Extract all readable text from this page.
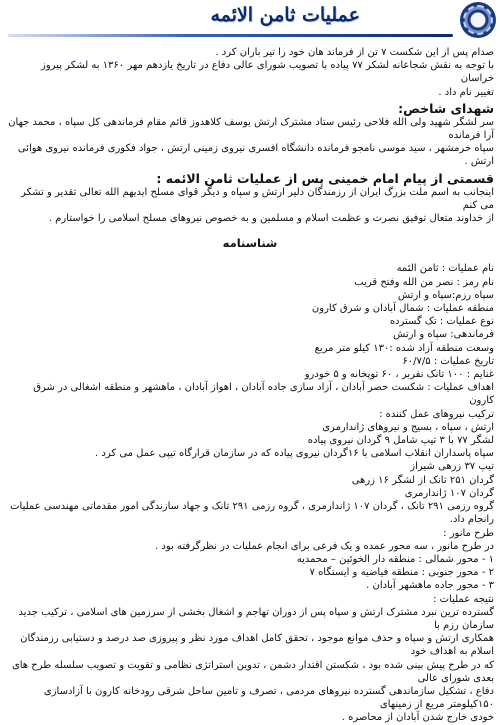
عملیات ثامن الائمه

صدام پس از این شکست ۷ تن از فرماند هان خود را تیر باران کرد .

با توجه به نقش شجاعانه لشکر ۷۷ پیاده با تصویب شورای عالی دفاع در تاریخ یازدهم مهر ۱۳۶۰ به لشکر پیروز خراسان

تغییر نام داد .

شهدای شاخص:

سر لشگر شهید ولی الله فلاحی رئیس ستاد مشترک ارتش یوسف کلاهدوز قائم مقام فرماندهی کل سپاه ، محمد جهان آرا فرمانده

سپاه خرمشهر ، سید موسی نامجو فرمانده دانشگاه افسری نیروی زمینی ارتش ، جواد فکوری فرمانده نیروی هوائی ارتش .

قسمتی از پیام امام خمینی پس از عملیات ثامن الائمه :

اینجانب به اسم ملت بزرگ ایران از رزمندگان دلیر ارتش و سپاه و دیگر قوای مسلح ایدیهم الله تعالی تقدیر و تشکر می کنم

از خداوند متعال توفیق نصرت و عظمت اسلام و مسلمین و به خصوص نیروهای مسلح اسلامی را خواستارم .

شناسنامه

نام عملیات : ثامن الئمه

نام رمز : نصر من الله وفتح قریب

سپاه رزم:سپاه و ارتش

منطقه عملیات : شمال آبادان و شرق کارون

نوع عملیات : تک گسترده

فرماندهی: سپاه و ارتش

وسعت منطقه آزاد شده :۱۳۰ کیلو متر مربع

تاریخ عملیات : ۶۰/۷/۵

غنایم : ۱۰۰ تانک نفربر ، ۶۰ توپخانه و ۵ خودرو

اهداف عملیات : شکست حصر آبادان ، آزاد سازی جاده آبادان ، اهواز آبادان ، ماهشهر و منطقه اشغالی در شرق کارون

ترکیب نیروهای عمل کننده :

ارتش ، سپاه ، بسیج و نیروهای ژاندارمری

لشگر ۷۷ با ۳ تیپ شامل ۹ گردان نیروی پیاده

سپاه پاسداران انقلاب اسلامی با ۱۶گردان نیروی پیاده که در سازمان قرارگاه تیپی عمل می کرد .

تیپ ۳۷ زرهی شیراز

گردان ۲۵۱ تانک از لشگر ۱۶ زرهی

گردان ۱۰۷ ژاندارمری

گروه رزمی ۲۹۱ تانک ، گردان ۱۰۷ ژاندارمری ، گروه رزمی ۲۹۱ تانک و جهاد سازندگی امور مقدماتی مهندسی عملیات رانجام داد.

طرح مانور :

در طرح مانور ، سه محور عمده و یک فرعی برای انجام عملیات در نظرگرفته بود .

۱ - محور شمالی : منطقه دار الخوئین – محمدیه

۲ - محور جنوبی : منطقه فیاضیه و ایستگاه ۷

۳ - محور جاده ماهشهر آبادان .

نتیجه عملیات :

گسترده ترین نبرد مشترک ارتش و سپاه پس از دوران تهاجم و اشغال بخشی از سرزمین های اسلامی ، ترکیب جدید سازمان رزم با

همکاری ارتش و سپاه و حذف موانع موجود ، تحقق کامل اهداف مورد نظر و پیروزی صد درصد و دستیابی رزمندگان اسلام به اهداف خود

که در طرح پیش بینی شده بود ، شکستن اقتدار دشمن ، تدوین استراتژی نظامی و تقویت و تصویب سلسله طرح های بعدی شورای عالی

دفاع ، تشکیل سازماندهی گسترده نیروهای مردمی ، تصرف و تامین ساحل شرقی رودخانه کارون با آزادسازی ۱۵۰کیلومتر مربع از زمینهای

خودی خارج شدن آبادان از محاصره .
